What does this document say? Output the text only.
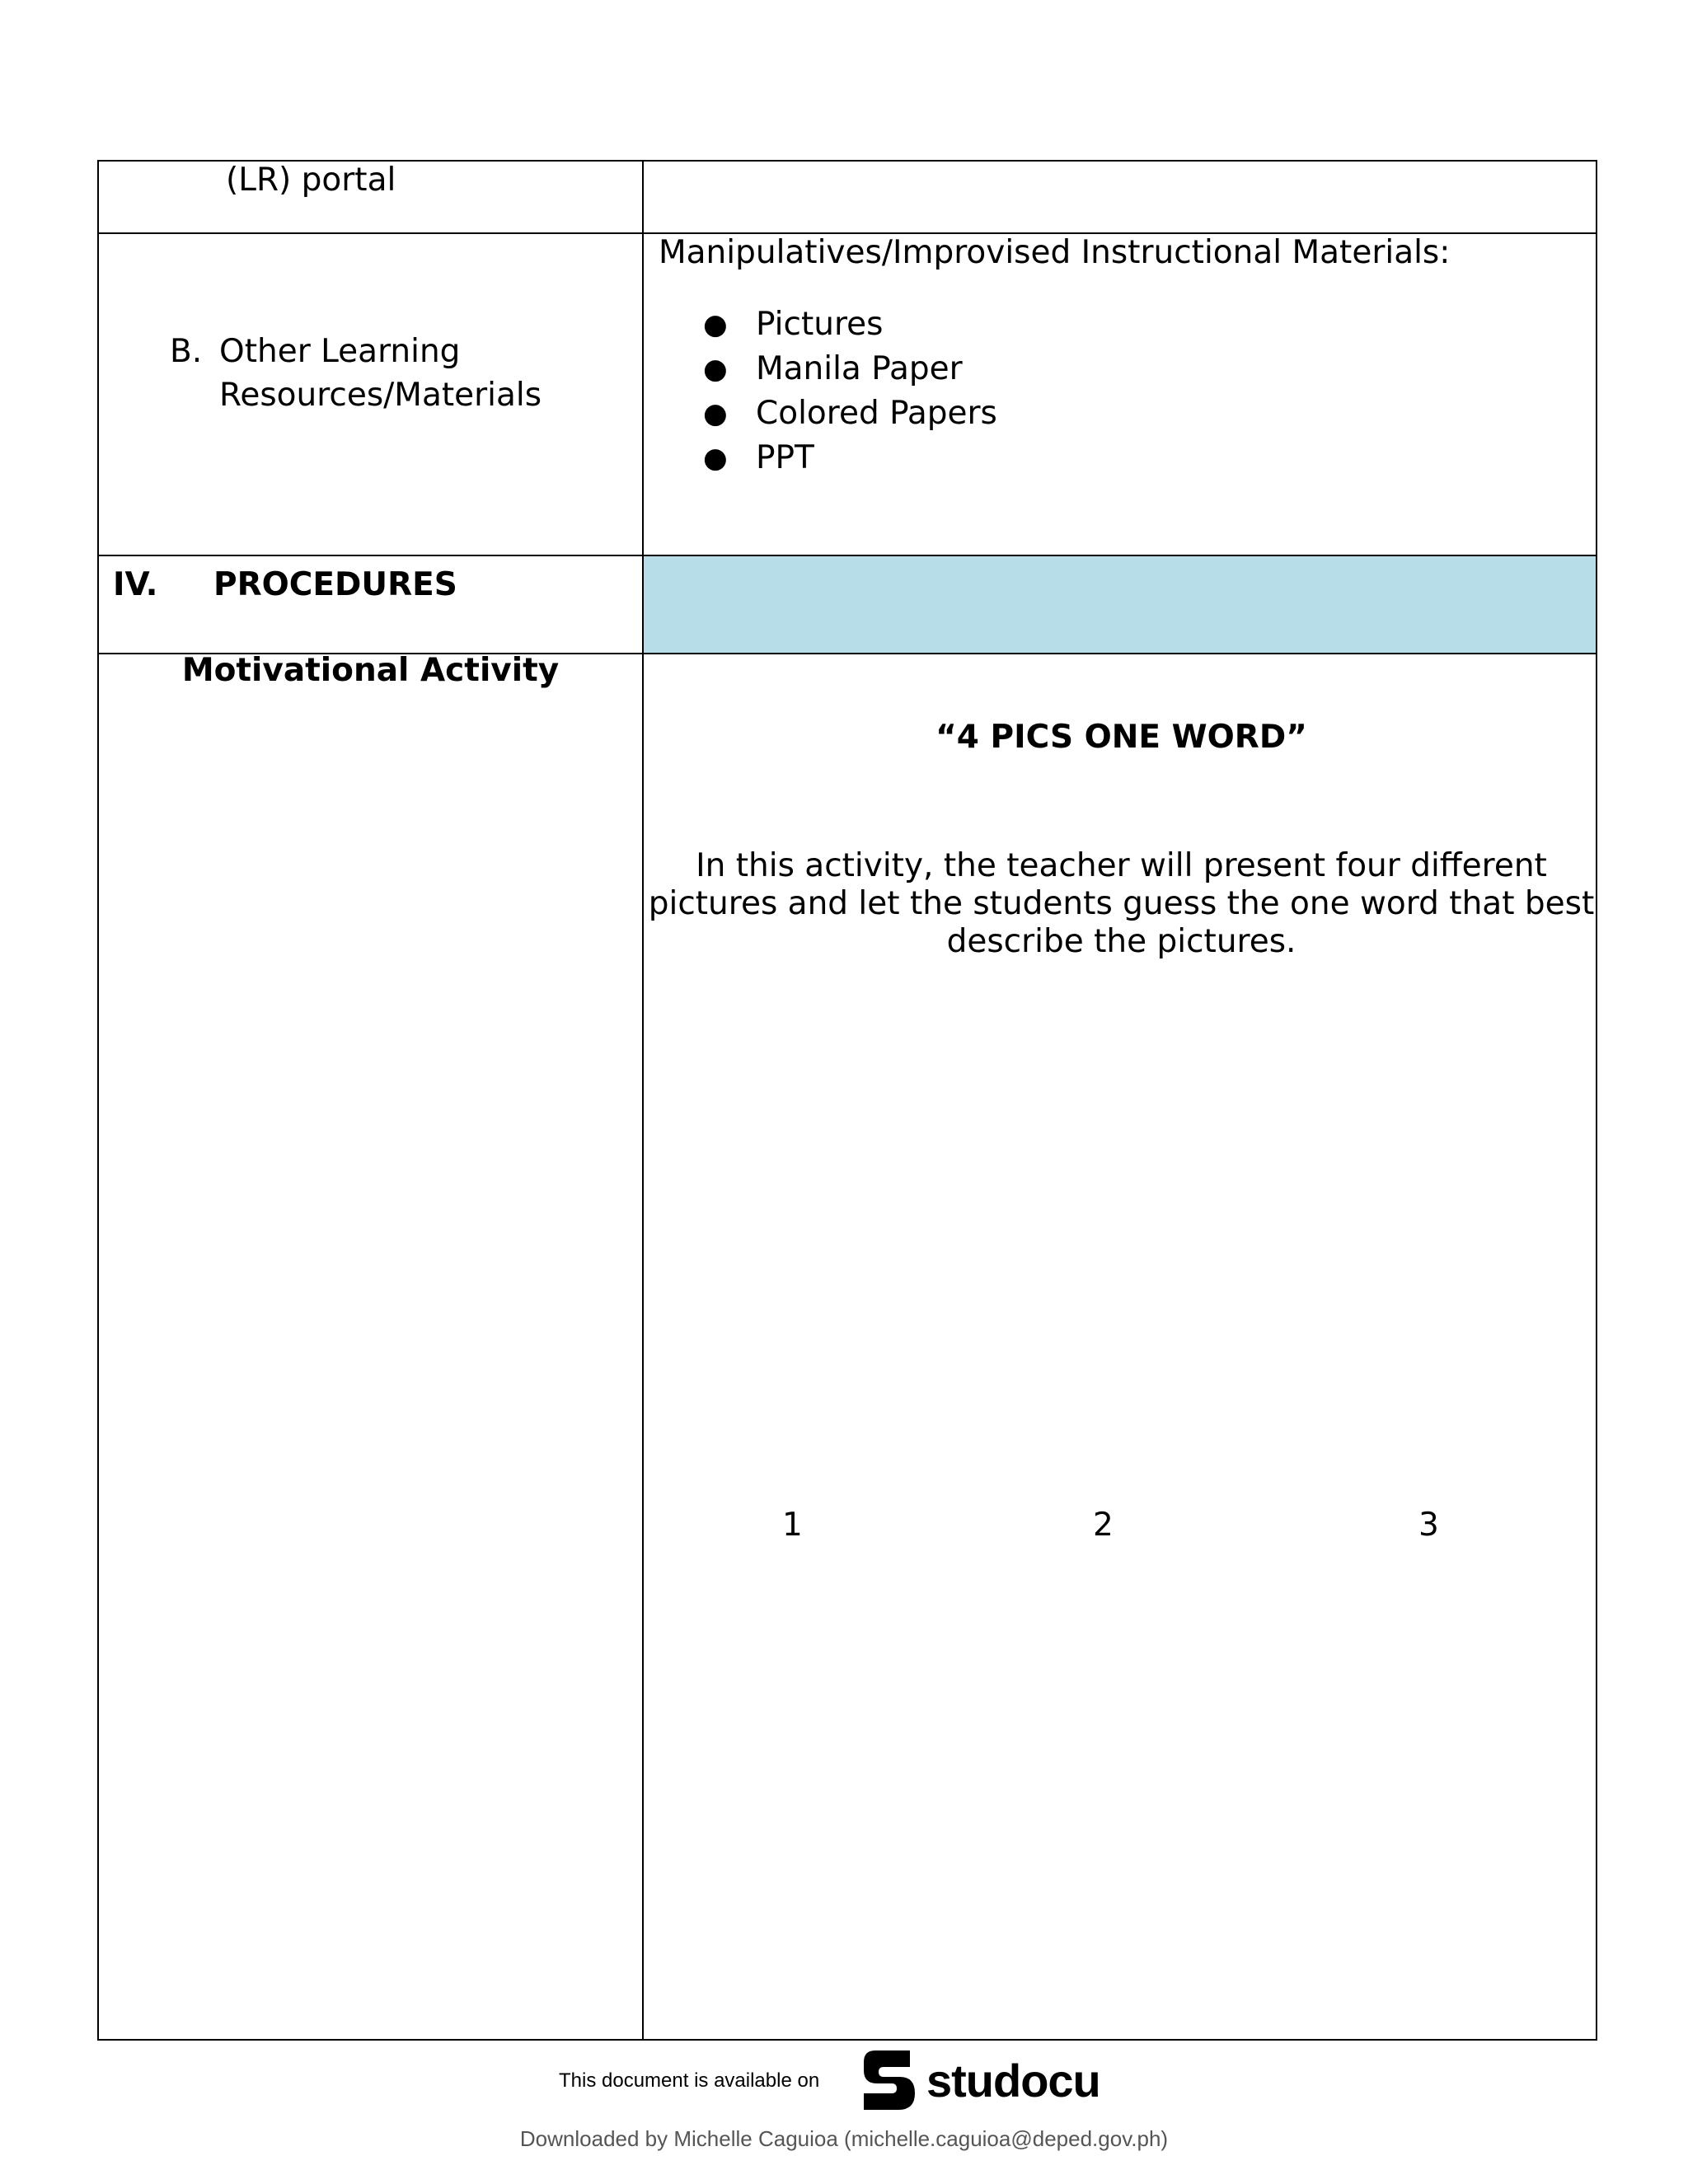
(LR) portal
B. Other Learning
Resources/Materials
Manipulatives/Improvised Instructional Materials:
● Pictures
● Manila Paper
● Colored Papers
● PPT
IV. PROCEDURES
Motivational Activity
“4 PICS ONE WORD”
In this activity, the teacher will present four different pictures and let the students guess the one word that best describe the pictures.
1	2	3
This document is available on studocu
Downloaded by Michelle Caguioa (michelle.caguioa@deped.gov.ph)
